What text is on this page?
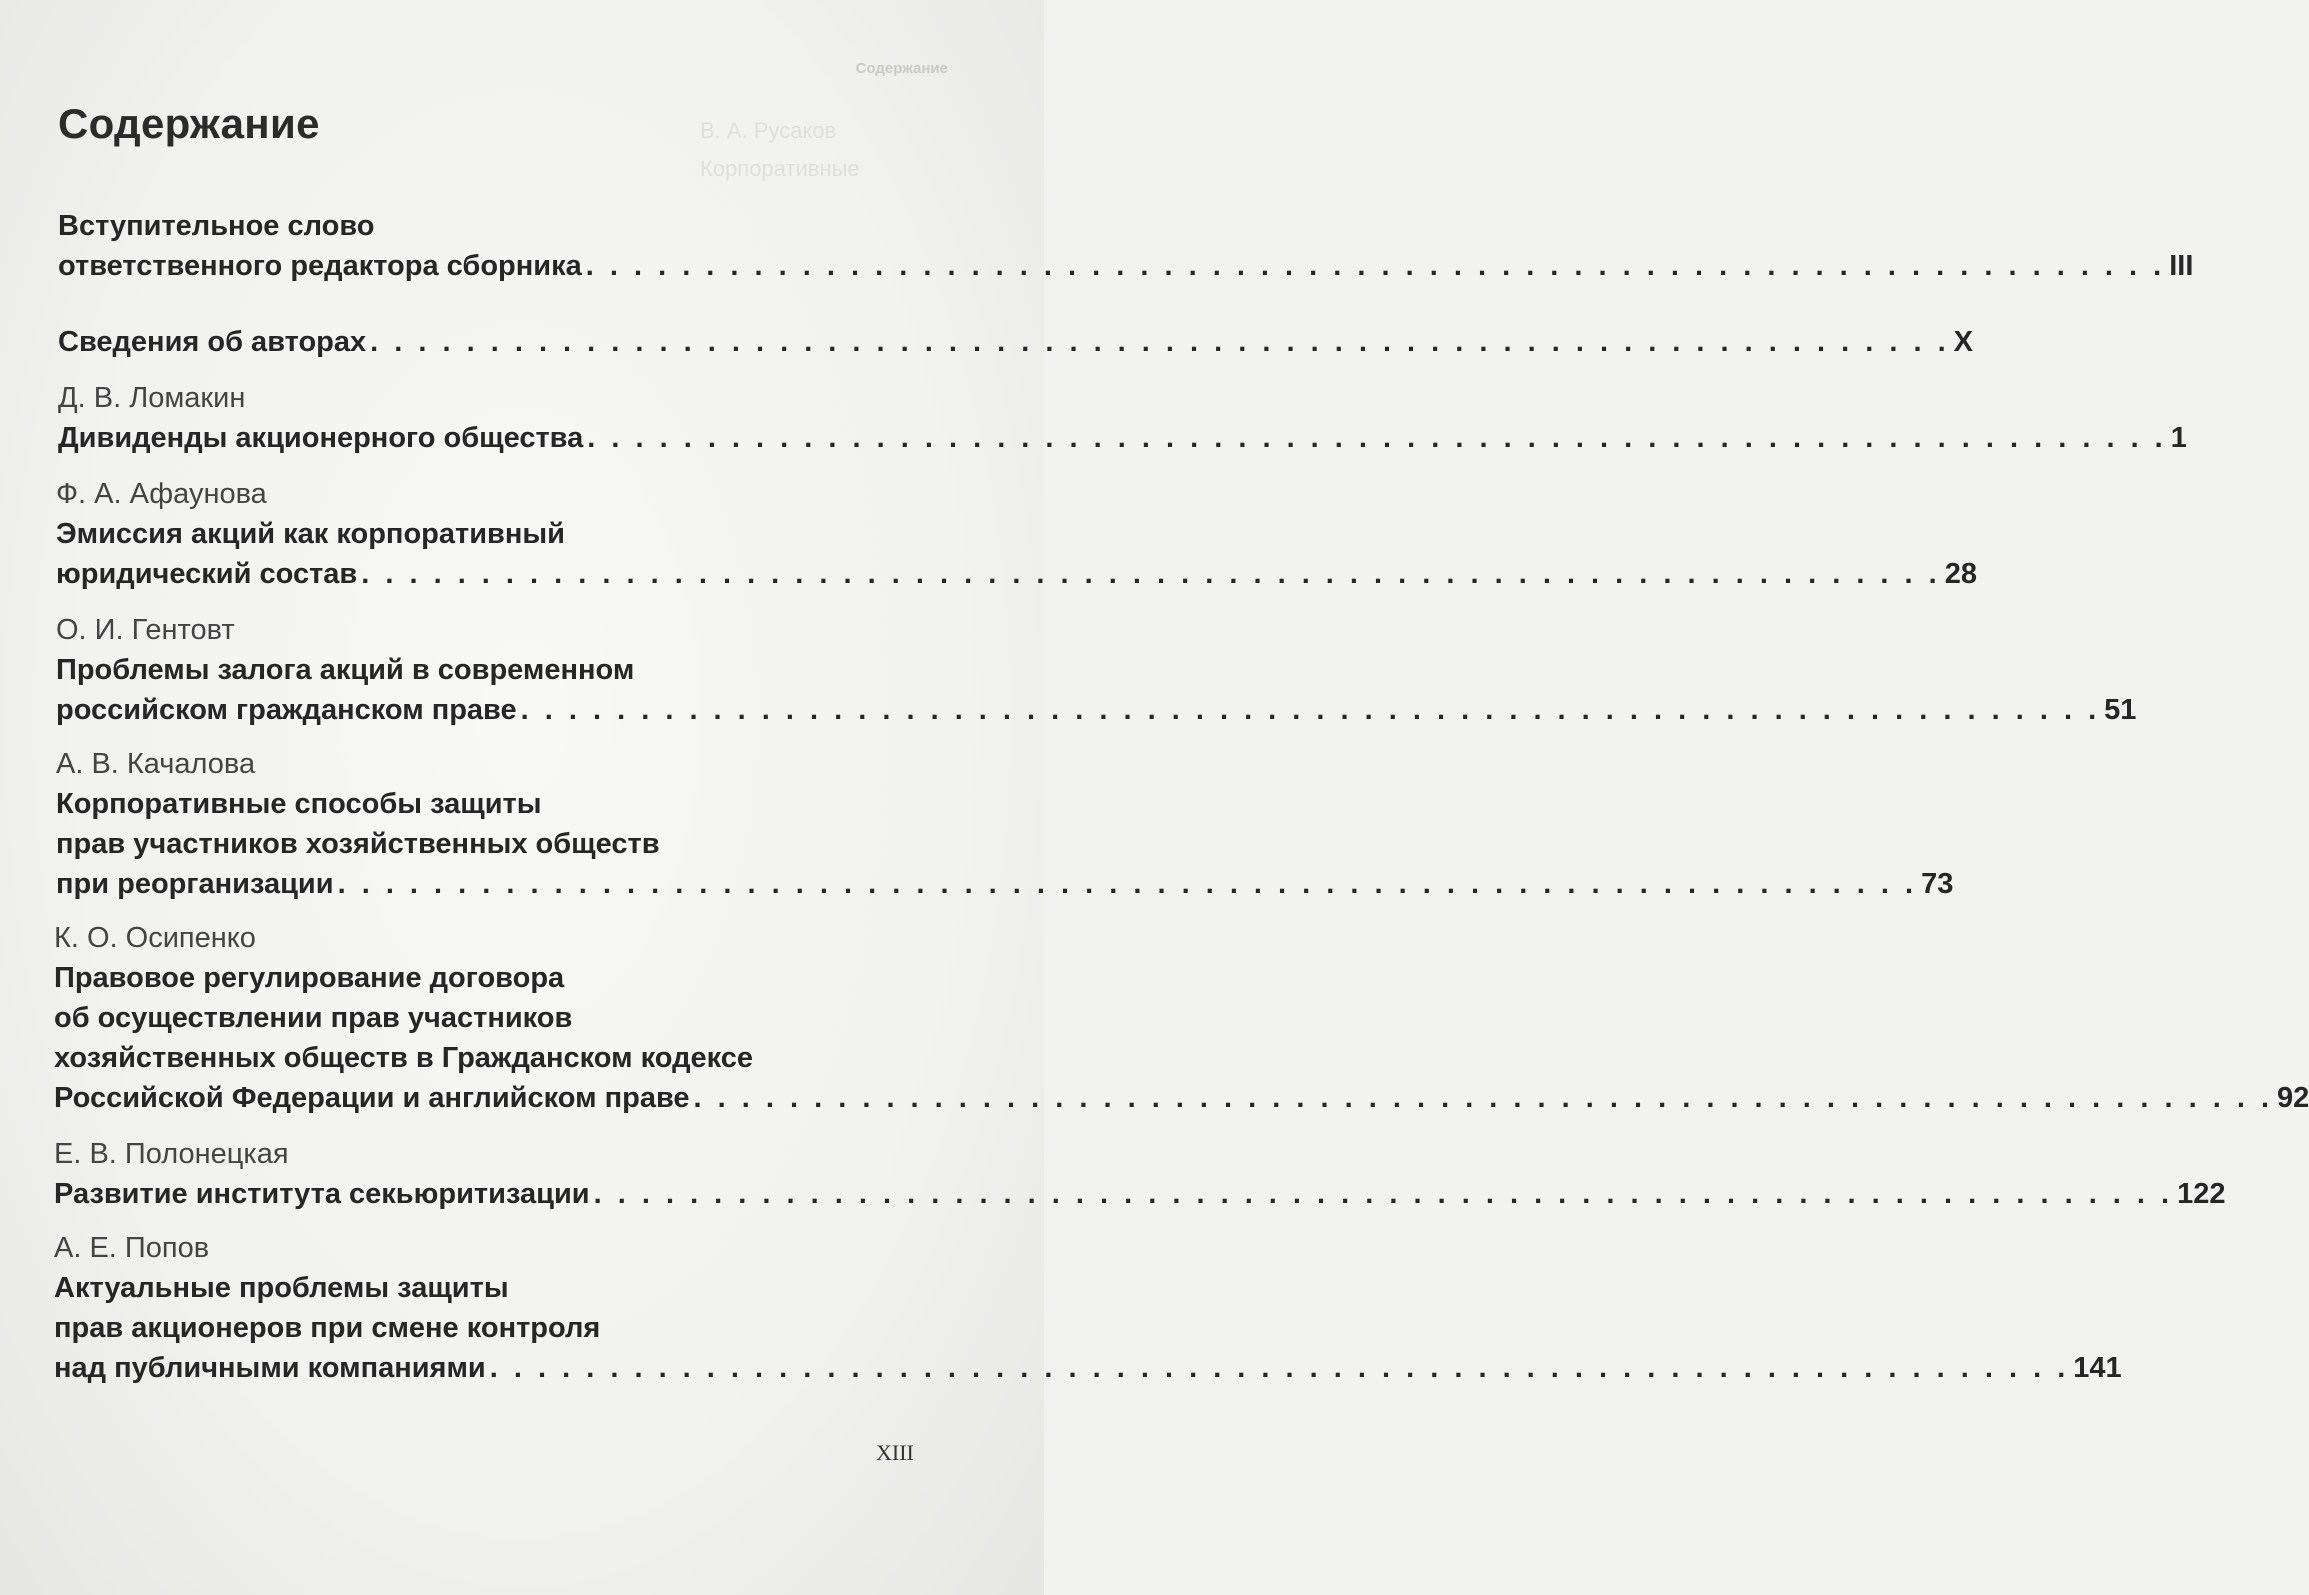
Содержание
В. А. Русаков
Корпоративные
Содержание
Вступительное слово
ответственного редактора сборника . . . . . . . . . . . . . . . . . . . . . . . . . . . . . . . . . . . . . . . . . . . . . . . . . . . . . . . . . . . . . . . . . . III
Сведения об авторах . . . . . . . . . . . . . . . . . . . . . . . . . . . . . . . . . . . . . . . . . . . . . . . . . . . . . . . . . . . . . . . . . . X
Д. В. Ломакин
Дивиденды акционерного общества . . . . . . . . . . . . . . . . . . . . . . . . . . . . . . . . . . . . . . . . . . . . . . . . . . . . . . . . . . . . . . . . . . 1
Ф. А. Афаунова
Эмиссия акций как корпоративный
юридический состав . . . . . . . . . . . . . . . . . . . . . . . . . . . . . . . . . . . . . . . . . . . . . . . . . . . . . . . . . . . . . . . . . . 28
О. И. Гентовт
Проблемы залога акций в современном
российском гражданском праве . . . . . . . . . . . . . . . . . . . . . . . . . . . . . . . . . . . . . . . . . . . . . . . . . . . . . . . . . . . . . . . . . . 51
А. В. Качалова
Корпоративные способы защиты
прав участников хозяйственных обществ
при реорганизации . . . . . . . . . . . . . . . . . . . . . . . . . . . . . . . . . . . . . . . . . . . . . . . . . . . . . . . . . . . . . . . . . . 73
К. О. Осипенко
Правовое регулирование договора
об осуществлении прав участников
хозяйственных обществ в Гражданском кодексе
Российской Федерации и английском праве . . . . . . . . . . . . . . . . . . . . . . . . . . . . . . . . . . . . . . . . . . . . . . . . . . . . . . . . . . . . . . . . . . 92
Е. В. Полонецкая
Развитие института секьюритизации . . . . . . . . . . . . . . . . . . . . . . . . . . . . . . . . . . . . . . . . . . . . . . . . . . . . . . . . . . . . . . . . . . 122
А. Е. Попов
Актуальные проблемы защиты
прав акционеров при смене контроля
над публичными компаниями . . . . . . . . . . . . . . . . . . . . . . . . . . . . . . . . . . . . . . . . . . . . . . . . . . . . . . . . . . . . . . . . . . 141
XIII
